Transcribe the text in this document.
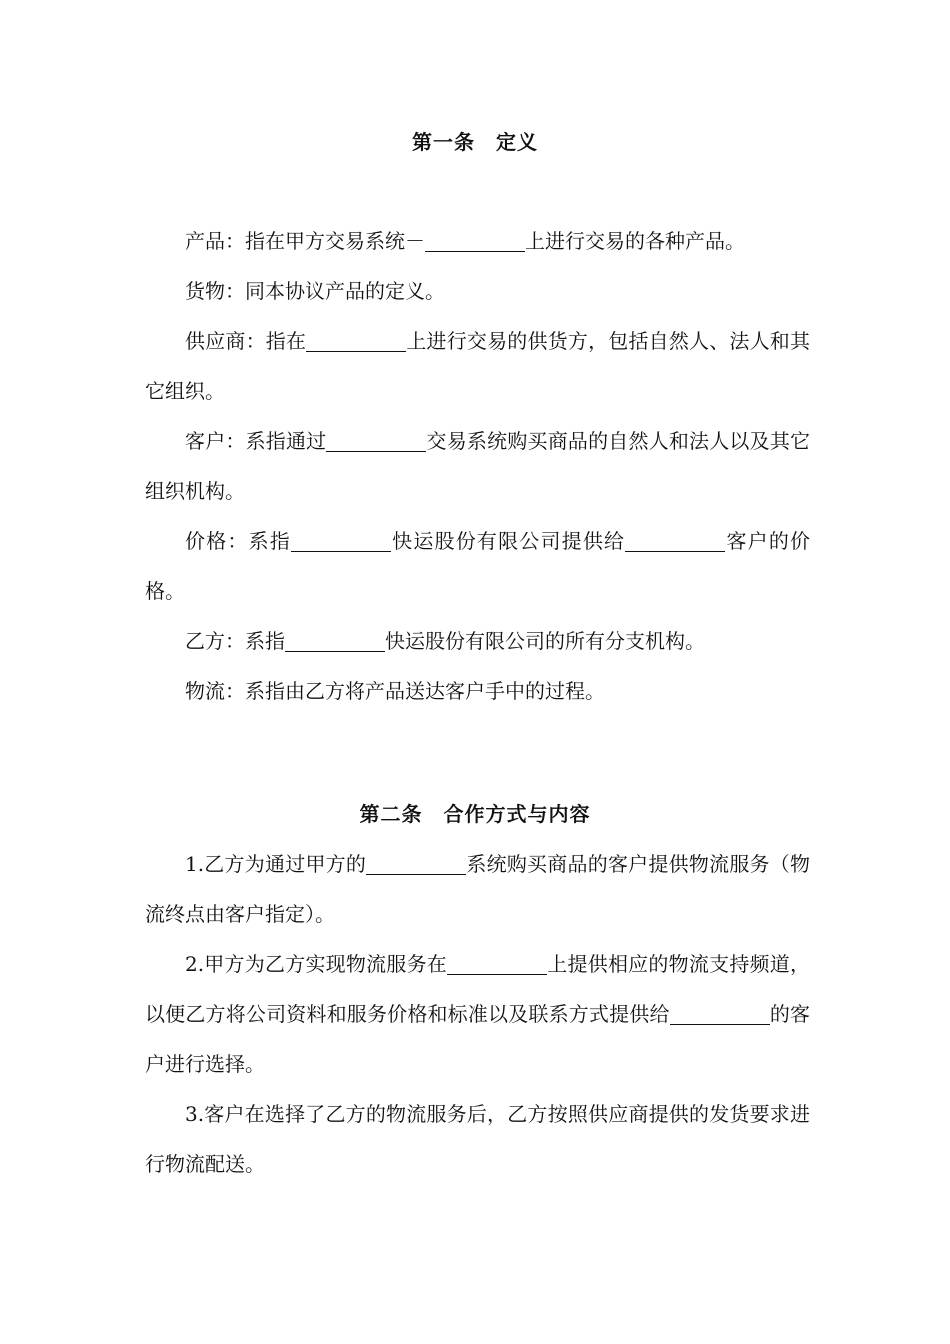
第一条　定义

产品：指在甲方交易系统－	上进行交易的各种产品。

货物：同本协议产品的定义。

供应商：指在	上进行交易的供货方，包括自然人、法人和其它组织。

客户：系指通过	交易系统购买商品的自然人和法人以及其它组织机构。

价格：系指	快运股份有限公司提供给	客户的价格。

乙方：系指	快运股份有限公司的所有分支机构。

物流：系指由乙方将产品送达客户手中的过程。

第二条　合作方式与内容

1.乙方为通过甲方的	系统购买商品的客户提供物流服务（物流终点由客户指定）。

2.甲方为乙方实现物流服务在	上提供相应的物流支持频道，以便乙方将公司资料和服务价格和标准以及联系方式提供给	的客户进行选择。

3.客户在选择了乙方的物流服务后，乙方按照供应商提供的发货要求进行物流配送。
